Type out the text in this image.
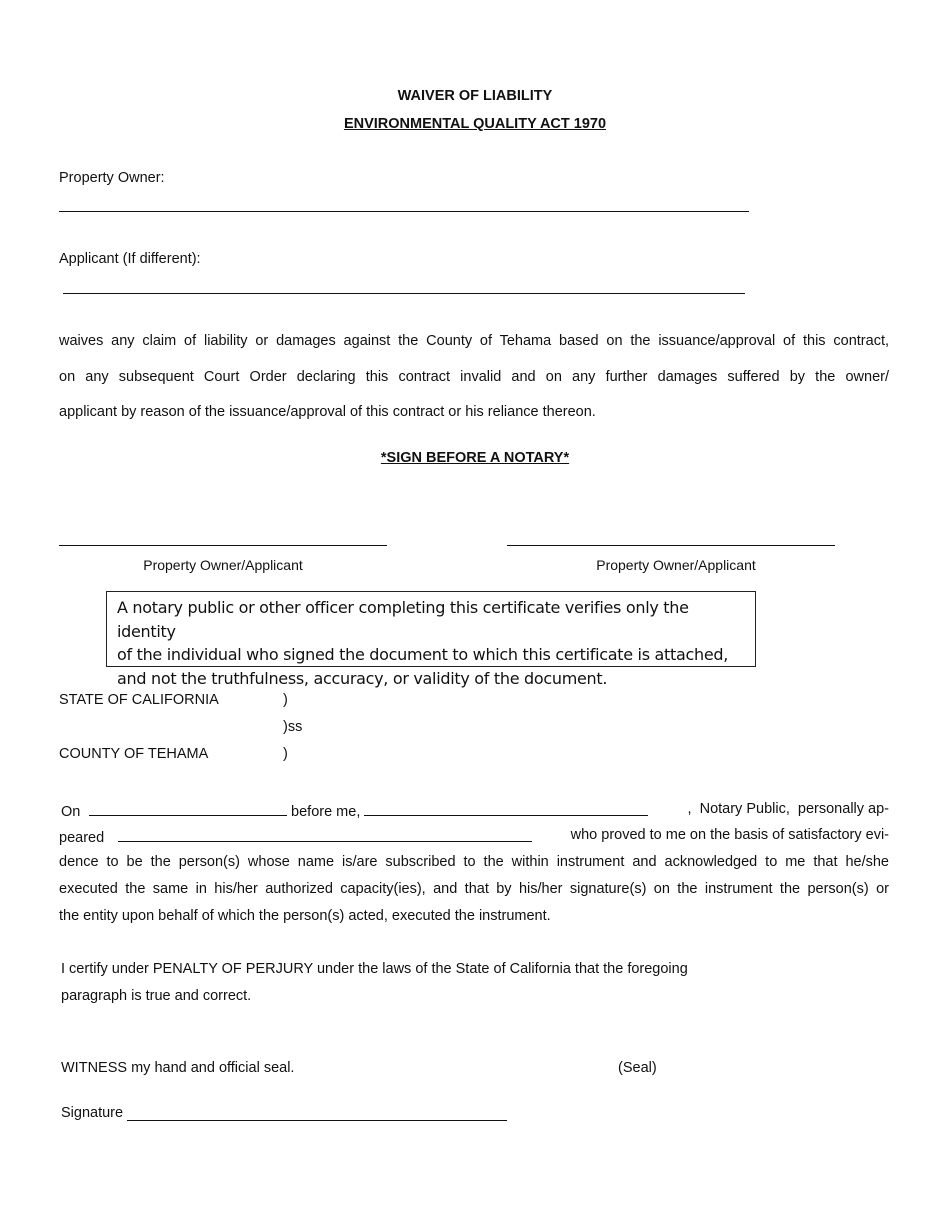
WAIVER OF LIABILITY
ENVIRONMENTAL QUALITY ACT 1970
Property Owner:
Applicant (If different):
waives any claim of liability or damages against the County of Tehama based on the issuance/approval of this contract,
on any subsequent Court Order declaring this contract invalid and on any further damages suffered by the owner/
applicant by reason of the issuance/approval of this contract or his reliance thereon.
*SIGN BEFORE A NOTARY*
Property Owner/Applicant	Property Owner/Applicant
A notary public or other officer completing this certificate verifies only the identity
of the individual who signed the document to which this certificate is attached,
and not the truthfulness, accuracy, or validity of the document.
STATE OF CALIFORNIA	)
)ss
COUNTY OF TEHAMA	)
On	before me,	,  Notary Public,  personally ap-
peared	who proved to me on the basis of satisfactory evi-
dence to be the person(s) whose name is/are subscribed to the within instrument and acknowledged to me that he/she
executed the same in his/her authorized capacity(ies), and that by his/her signature(s) on the instrument the person(s) or
the entity upon behalf of which the person(s) acted, executed the instrument.
I certify under PENALTY OF PERJURY under the laws of the State of California that the foregoing
paragraph is true and correct.
WITNESS my hand and official seal.	(Seal)
Signature
